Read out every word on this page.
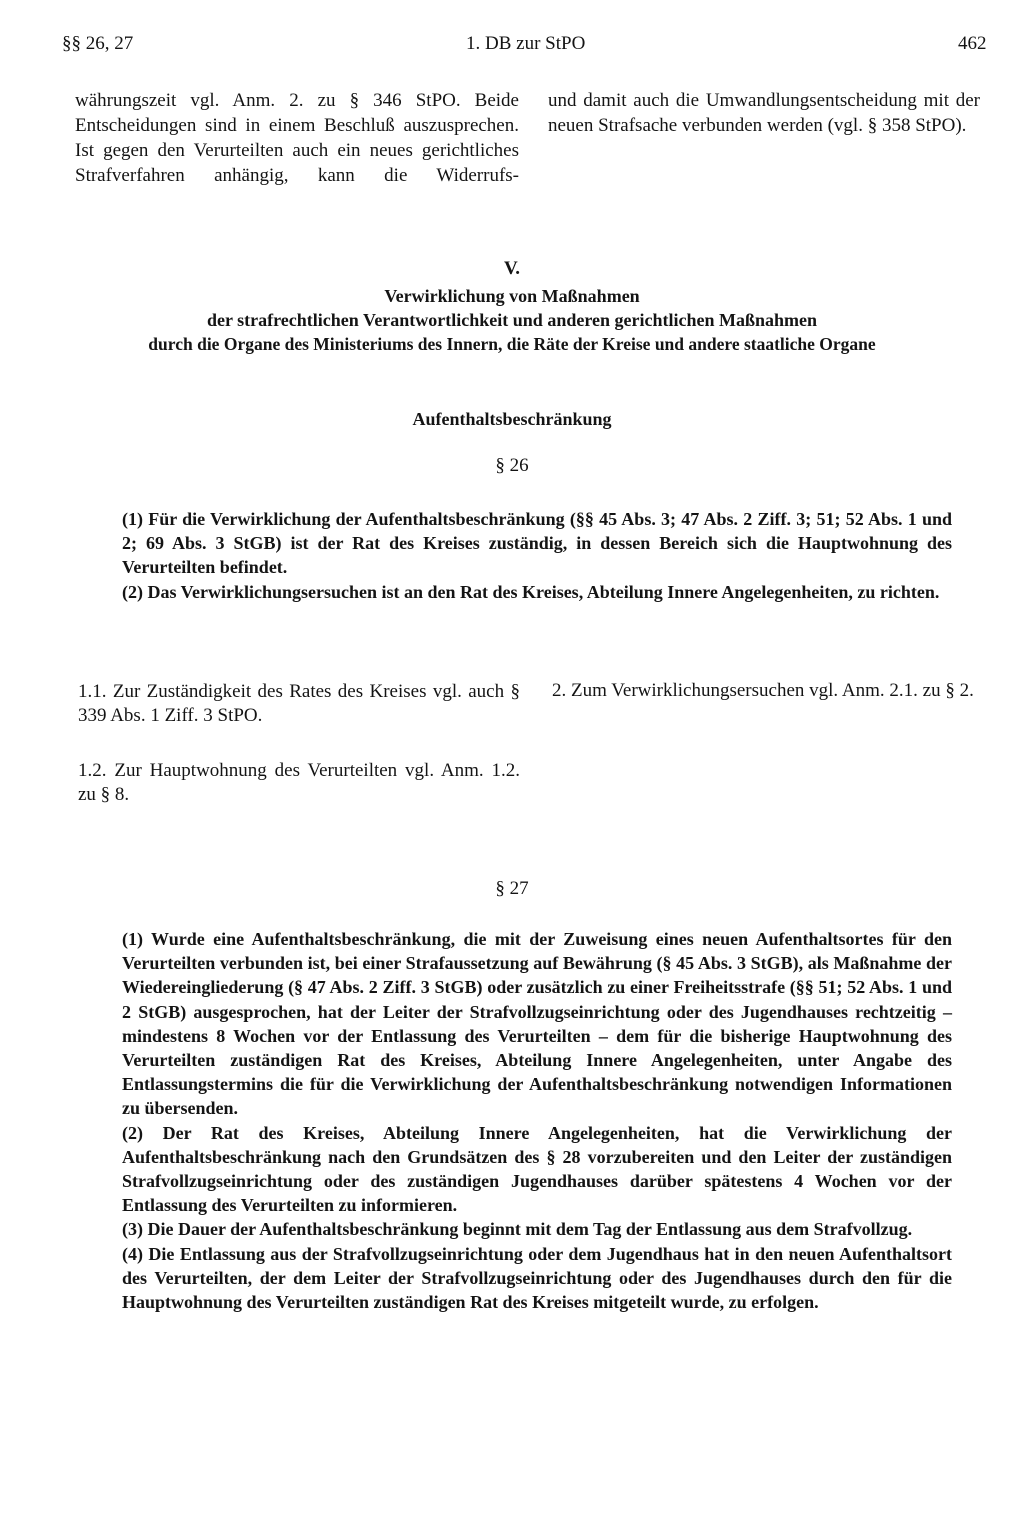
§§ 26, 27	1. DB zur StPO	462

währungszeit vgl. Anm. 2. zu § 346 StPO. Beide Entscheidungen sind in einem Beschluß auszusprechen. Ist gegen den Verurteilten auch ein neues gerichtliches Strafverfahren anhängig, kann die Widerrufs-

und damit auch die Umwandlungsentscheidung mit der neuen Strafsache verbunden werden (vgl. § 358 StPO).

V.
Verwirklichung von Maßnahmen
der strafrechtlichen Verantwortlichkeit und anderen gerichtlichen Maßnahmen
durch die Organe des Ministeriums des Innern, die Räte der Kreise und andere staatliche Organe
Aufenthaltsbeschränkung
§ 26

(1) Für die Verwirklichung der Aufenthaltsbeschränkung (§§ 45 Abs. 3; 47 Abs. 2 Ziff. 3; 51; 52 Abs. 1 und 2; 69 Abs. 3 StGB) ist der Rat des Kreises zuständig, in dessen Bereich sich die Hauptwohnung des Verurteilten befindet.

(2) Das Verwirklichungsersuchen ist an den Rat des Kreises, Abteilung Innere Angelegenheiten, zu richten.

1.1. Zur Zuständigkeit des Rates des Kreises vgl. auch § 339 Abs. 1 Ziff. 3 StPO.

1.2. Zur Hauptwohnung des Verurteilten vgl. Anm. 1.2. zu § 8.

2. Zum Verwirklichungsersuchen vgl. Anm. 2.1. zu § 2.

§ 27

(1) Wurde eine Aufenthaltsbeschränkung, die mit der Zuweisung eines neuen Aufenthaltsortes für den Verurteilten verbunden ist, bei einer Strafaussetzung auf Bewährung (§ 45 Abs. 3 StGB), als Maßnahme der Wiedereingliederung (§ 47 Abs. 2 Ziff. 3 StGB) oder zusätzlich zu einer Freiheitsstrafe (§§ 51; 52 Abs. 1 und 2 StGB) ausgesprochen, hat der Leiter der Strafvollzugseinrichtung oder des Jugendhauses rechtzeitig – mindestens 8 Wochen vor der Entlassung des Verurteilten – dem für die bisherige Hauptwohnung des Verurteilten zuständigen Rat des Kreises, Abteilung Innere Angelegenheiten, unter Angabe des Entlassungstermins die für die Verwirklichung der Aufenthaltsbeschränkung notwendigen Informationen zu übersenden.

(2) Der Rat des Kreises, Abteilung Innere Angelegenheiten, hat die Verwirklichung der Aufenthaltsbeschränkung nach den Grundsätzen des § 28 vorzubereiten und den Leiter der zuständigen Strafvollzugseinrichtung oder des zuständigen Jugendhauses darüber spätestens 4 Wochen vor der Entlassung des Verurteilten zu informieren.

(3) Die Dauer der Aufenthaltsbeschränkung beginnt mit dem Tag der Entlassung aus dem Strafvollzug.

(4) Die Entlassung aus der Strafvollzugseinrichtung oder dem Jugendhaus hat in den neuen Aufenthaltsort des Verurteilten, der dem Leiter der Strafvollzugseinrichtung oder des Jugendhauses durch den für die Hauptwohnung des Verurteilten zuständigen Rat des Kreises mitgeteilt wurde, zu erfolgen.
